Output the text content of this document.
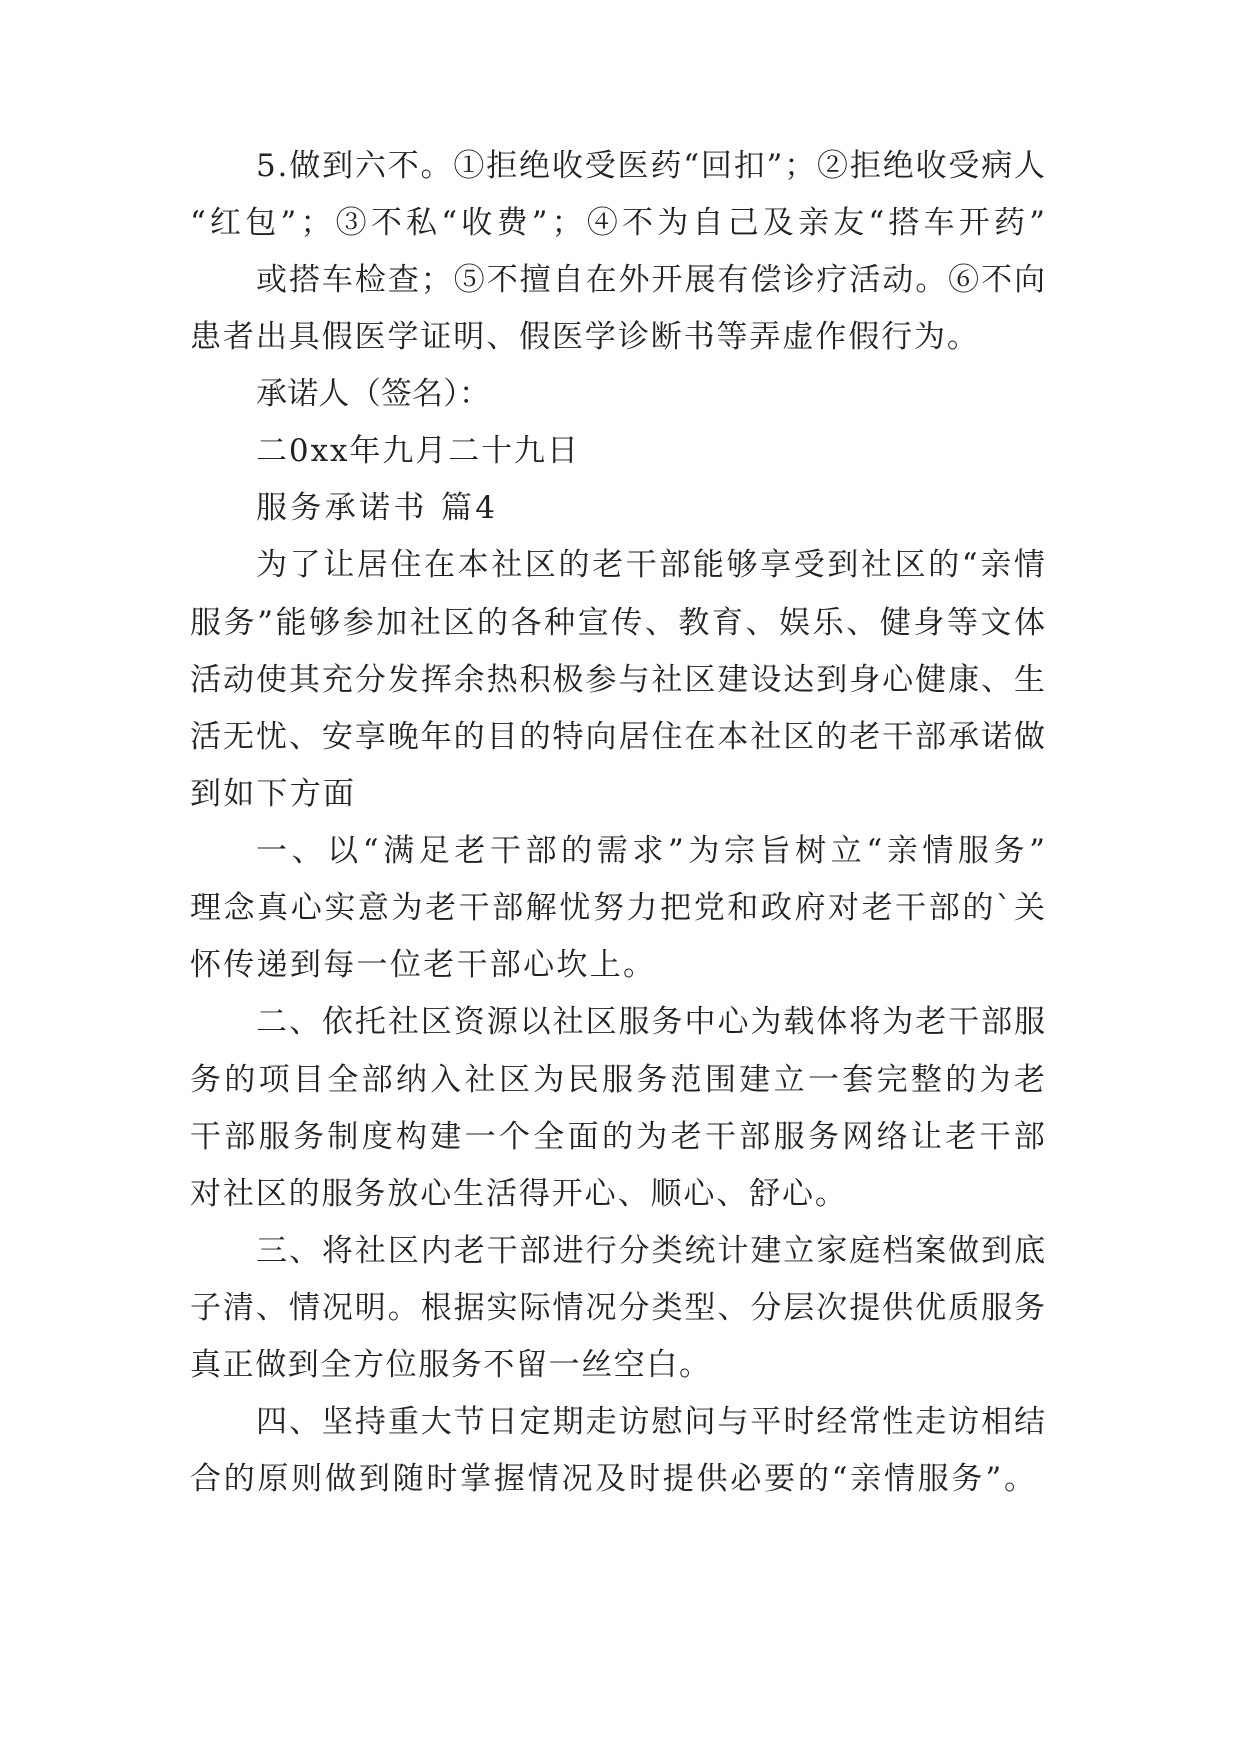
5.做到六不。①拒绝收受医药“回扣”；②拒绝收受病人
“红包”；③不私“收费”；④不为自己及亲友“搭车开药”
或搭车检查；⑤不擅自在外开展有偿诊疗活动。⑥不向
患者出具假医学证明、假医学诊断书等弄虚作假行为。
承诺人（签名）：
二0xx年九月二十九日
服务承诺书 篇4
为了让居住在本社区的老干部能够享受到社区的“亲情
服务”能够参加社区的各种宣传、教育、娱乐、健身等文体
活动使其充分发挥余热积极参与社区建设达到身心健康、生
活无忧、安享晚年的目的特向居住在本社区的老干部承诺做
到如下方面
一、以“满足老干部的需求”为宗旨树立“亲情服务”
理念真心实意为老干部解忧努力把党和政府对老干部的`关
怀传递到每一位老干部心坎上。
二、依托社区资源以社区服务中心为载体将为老干部服
务的项目全部纳入社区为民服务范围建立一套完整的为老
干部服务制度构建一个全面的为老干部服务网络让老干部
对社区的服务放心生活得开心、顺心、舒心。
三、将社区内老干部进行分类统计建立家庭档案做到底
子清、情况明。根据实际情况分类型、分层次提供优质服务
真正做到全方位服务不留一丝空白。
四、坚持重大节日定期走访慰问与平时经常性走访相结
合的原则做到随时掌握情况及时提供必要的“亲情服务”。
